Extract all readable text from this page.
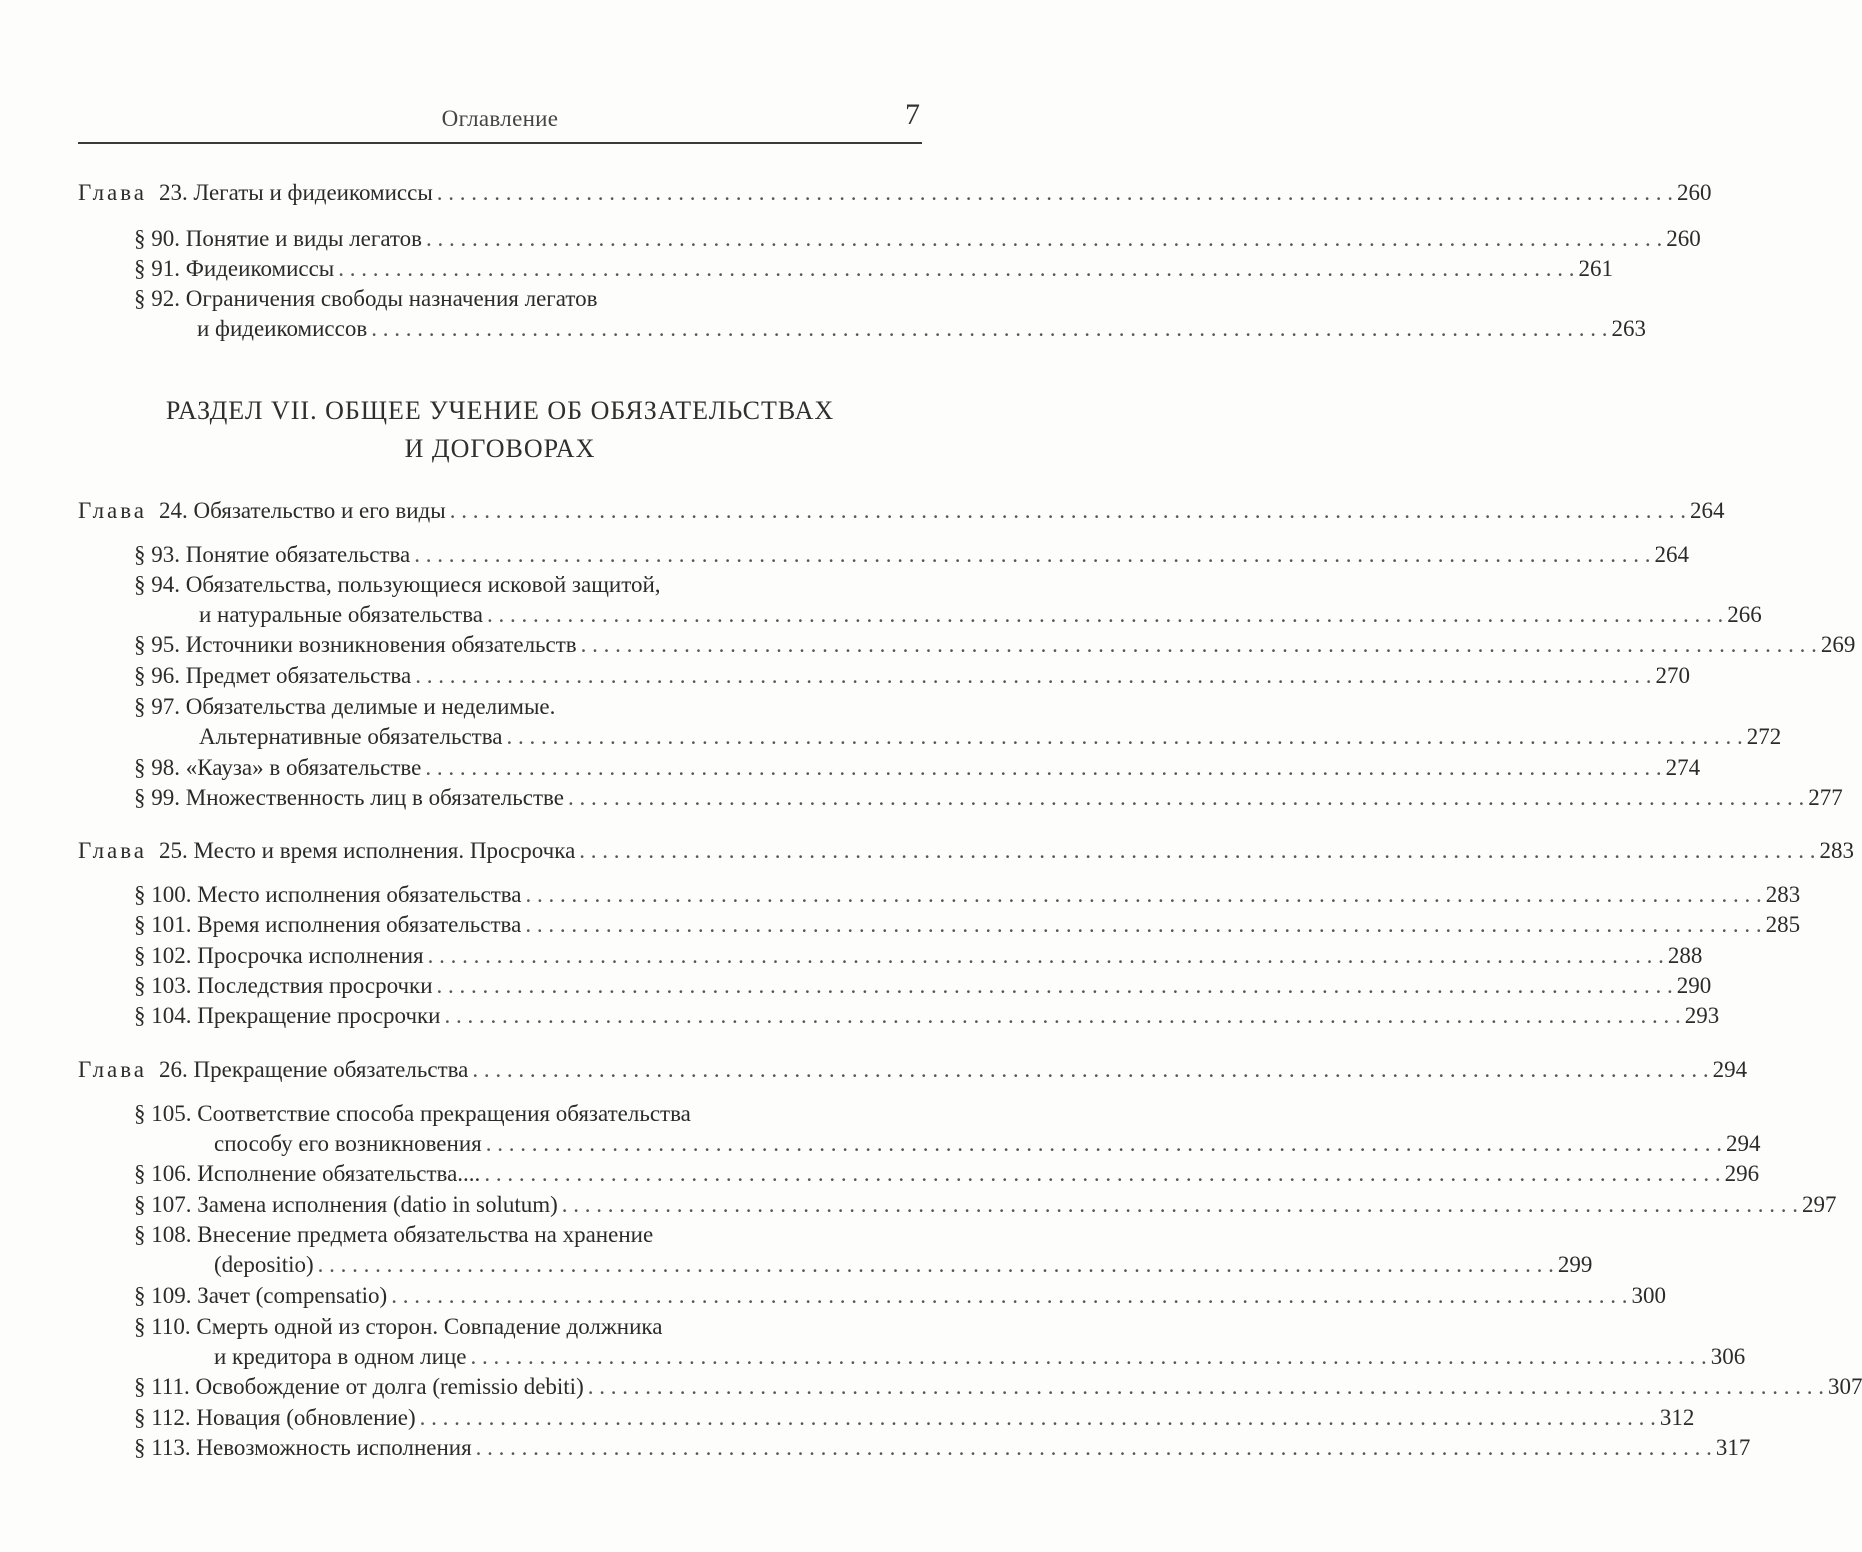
Оглавление	7
Глава 23. Легаты и фидеикомиссы . . .	260
§ 90. Понятие и виды легатов . . .	260
§ 91. Фидеикомиссы . . .	261
§ 92. Ограничения свободы назначения легатов
и фидеикомиссов . . .	263
РАЗДЕЛ VII. ОБЩЕЕ УЧЕНИЕ ОБ ОБЯЗАТЕЛЬСТВАХ
И ДОГОВОРАХ
Глава 24. Обязательство и его виды . . .	264
§ 93. Понятие обязательства . . .	264
§ 94. Обязательства, пользующиеся исковой защитой,
и натуральные обязательства . . .	266
§ 95. Источники возникновения обязательств . . .	269
§ 96. Предмет обязательства . . .	270
§ 97. Обязательства делимые и неделимые.
Альтернативные обязательства . . .	272
§ 98. «Кауза» в обязательстве . . .	274
§ 99. Множественность лиц в обязательстве . . .	277
Глава 25. Место и время исполнения. Просрочка . . .	283
§ 100. Место исполнения обязательства . . .	283
§ 101. Время исполнения обязательства . . .	285
§ 102. Просрочка исполнения . . .	288
§ 103. Последствия просрочки . . .	290
§ 104. Прекращение просрочки . . .	293
Глава 26. Прекращение обязательства . . .	294
§ 105. Соответствие способа прекращения обязательства
способу его возникновения . . .	294
§ 106. Исполнение обязательства.... . . .	296
§ 107. Замена исполнения (datio in solutum) . . .	297
§ 108. Внесение предмета обязательства на хранение
(depositio) . . .	299
§ 109. Зачет (compensatio) . . .	300
§ 110. Смерть одной из сторон. Совпадение должника
и кредитора в одном лице . . .	306
§ 111. Освобождение от долга (remissio debiti) . . .	307
§ 112. Новация (обновление) . . .	312
§ 113. Невозможность исполнения . . .	317
